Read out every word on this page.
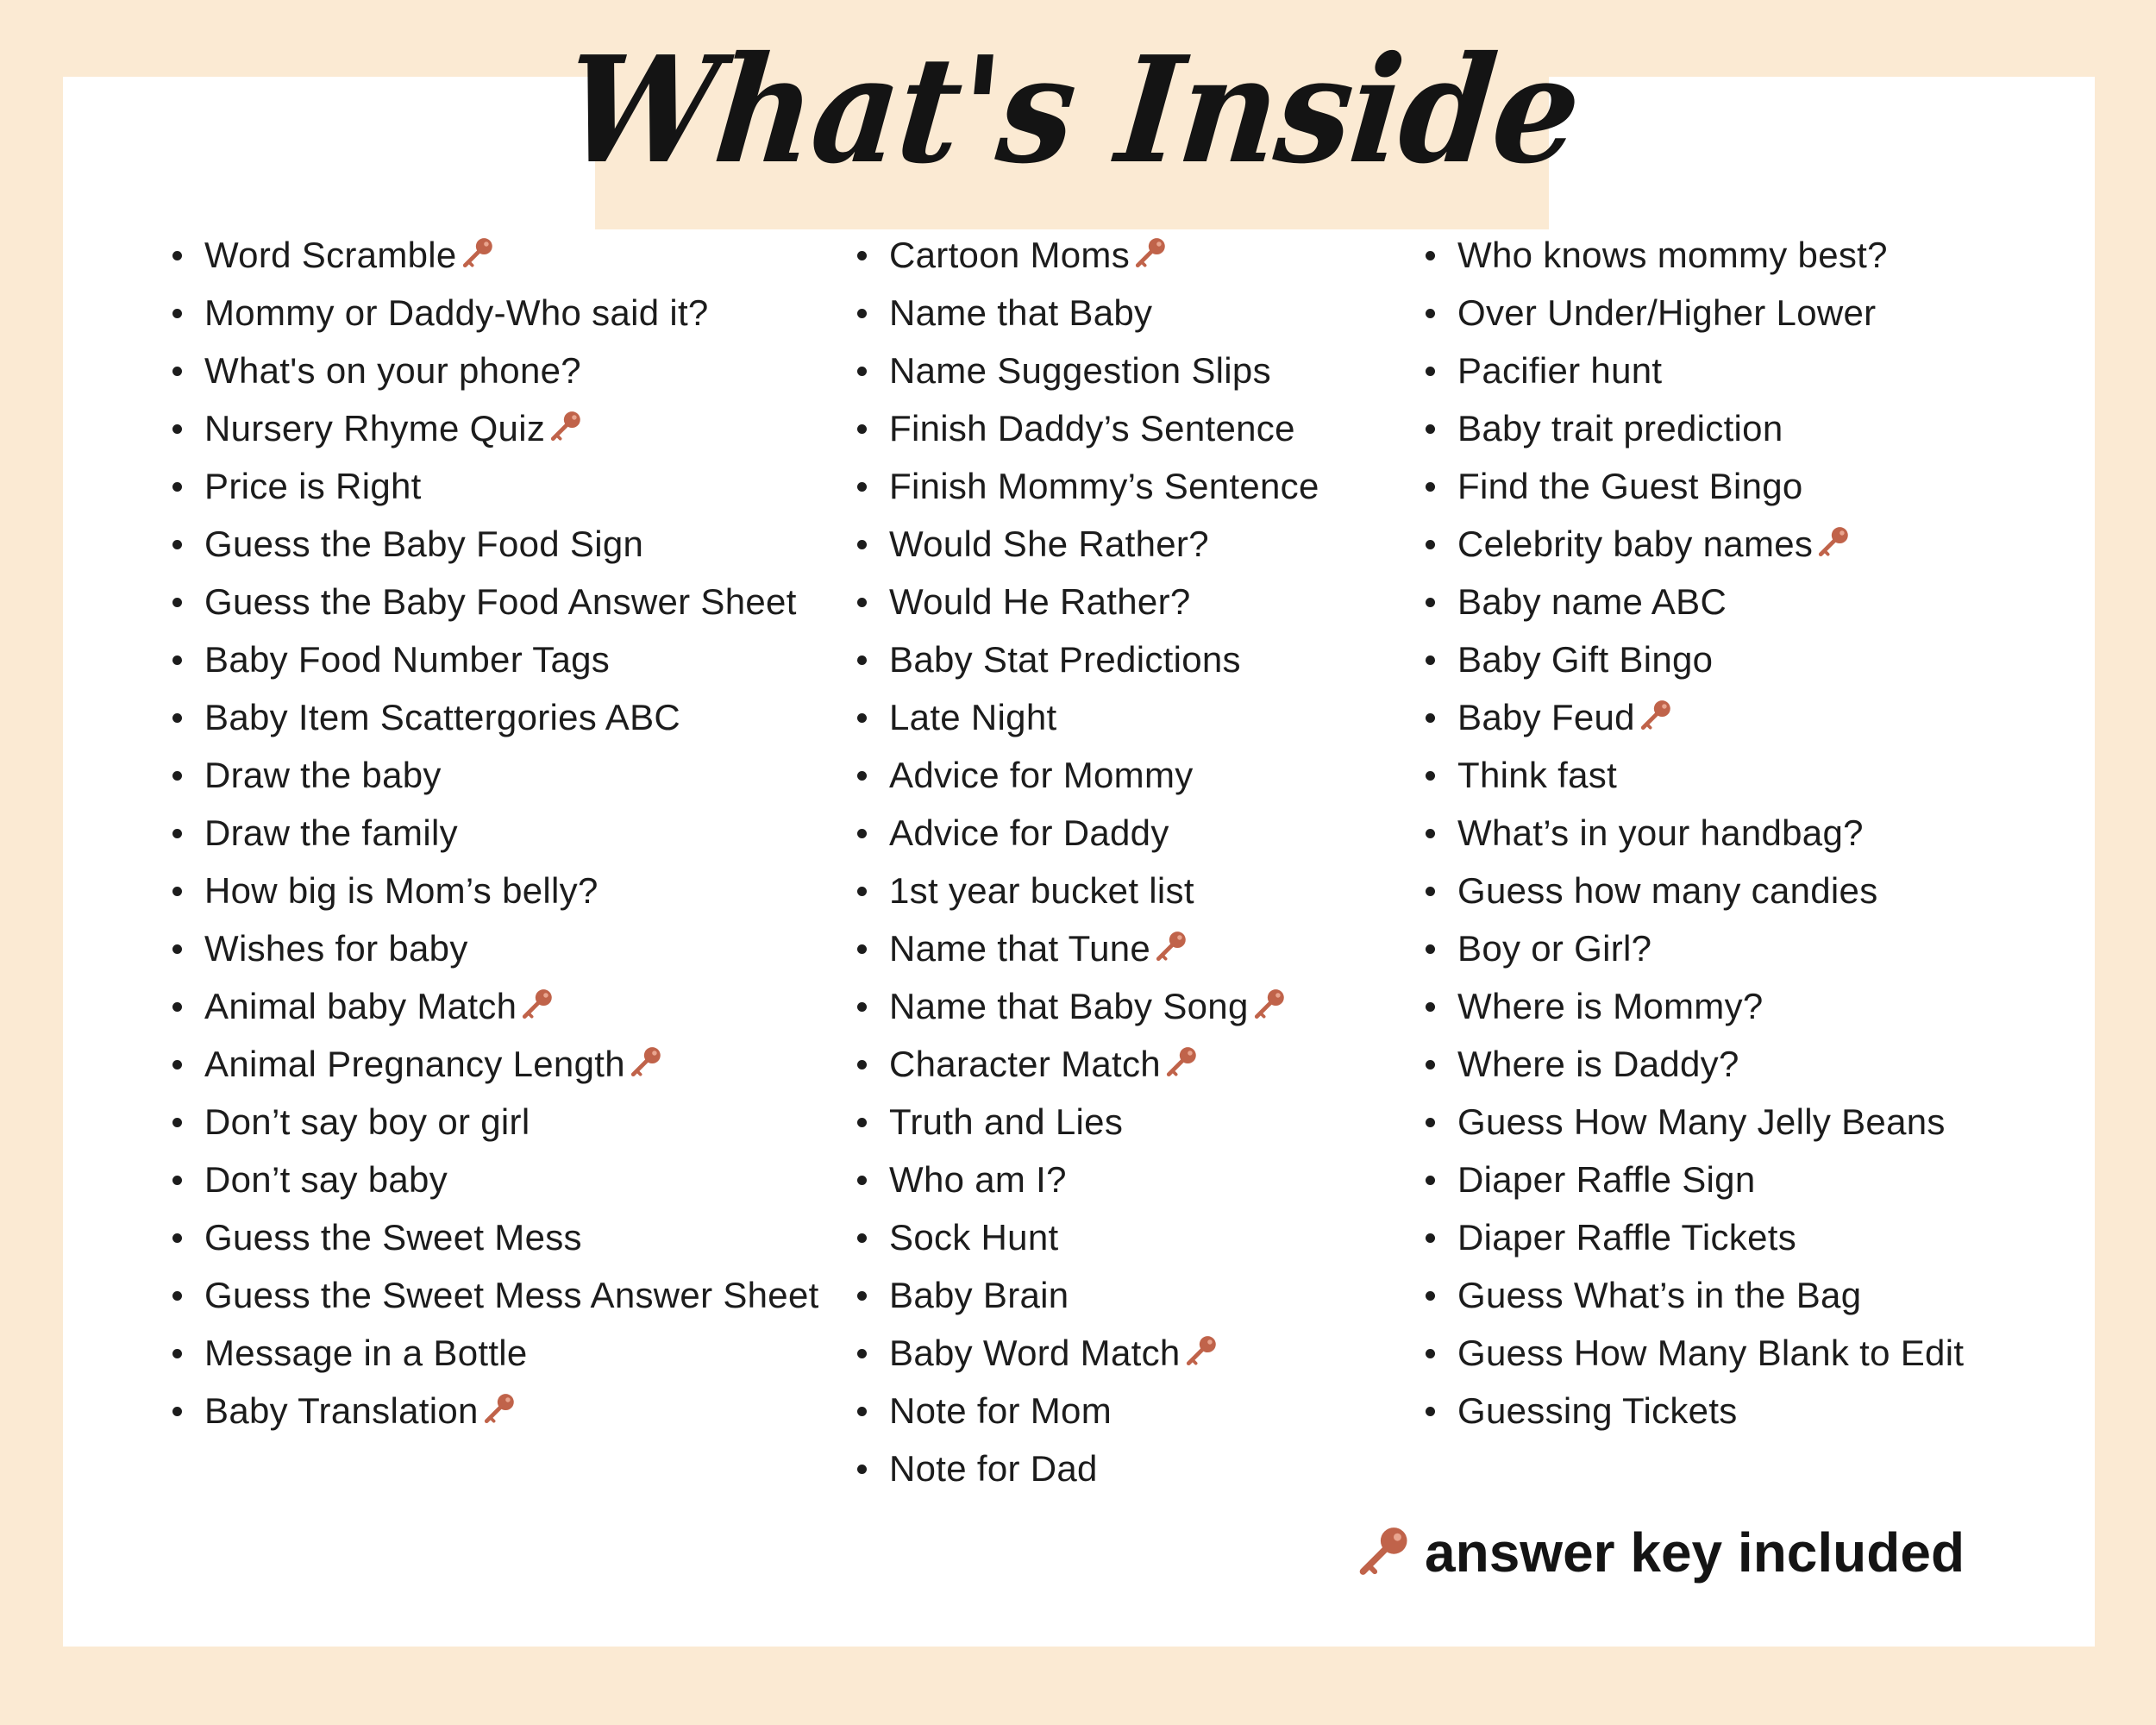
What's Inside
Word Scramble
Mommy or Daddy-Who said it?
What's on your phone?
Nursery Rhyme Quiz
Price is Right
Guess the Baby Food Sign
Guess the Baby Food Answer Sheet
Baby Food Number Tags
Baby Item Scattergories ABC
Draw the baby
Draw the family
How big is Mom’s belly?
Wishes for baby
Animal baby Match
Animal Pregnancy Length
Don’t say boy or girl
Don’t say baby
Guess the Sweet Mess
Guess the Sweet Mess Answer Sheet
Message in a Bottle
Baby Translation
Cartoon Moms
Name that Baby
Name Suggestion Slips
Finish Daddy’s Sentence
Finish Mommy’s Sentence
Would She Rather?
Would He Rather?
Baby Stat Predictions
Late Night
Advice for Mommy
Advice for Daddy
1st year bucket list
Name that Tune
Name that Baby Song
Character Match
Truth and Lies
Who am I?
Sock Hunt
Baby Brain
Baby Word Match
Note for Mom
Note for Dad
Who knows mommy best?
Over Under/Higher Lower
Pacifier hunt
Baby trait prediction
Find the Guest Bingo
Celebrity baby names
Baby name ABC
Baby Gift Bingo
Baby Feud
Think fast
What’s in your handbag?
Guess how many candies
Boy or Girl?
Where is Mommy?
Where is Daddy?
Guess How Many Jelly Beans
Diaper Raffle Sign
Diaper Raffle Tickets
Guess What’s in the Bag
Guess How Many Blank to Edit
Guessing Tickets
answer key included
